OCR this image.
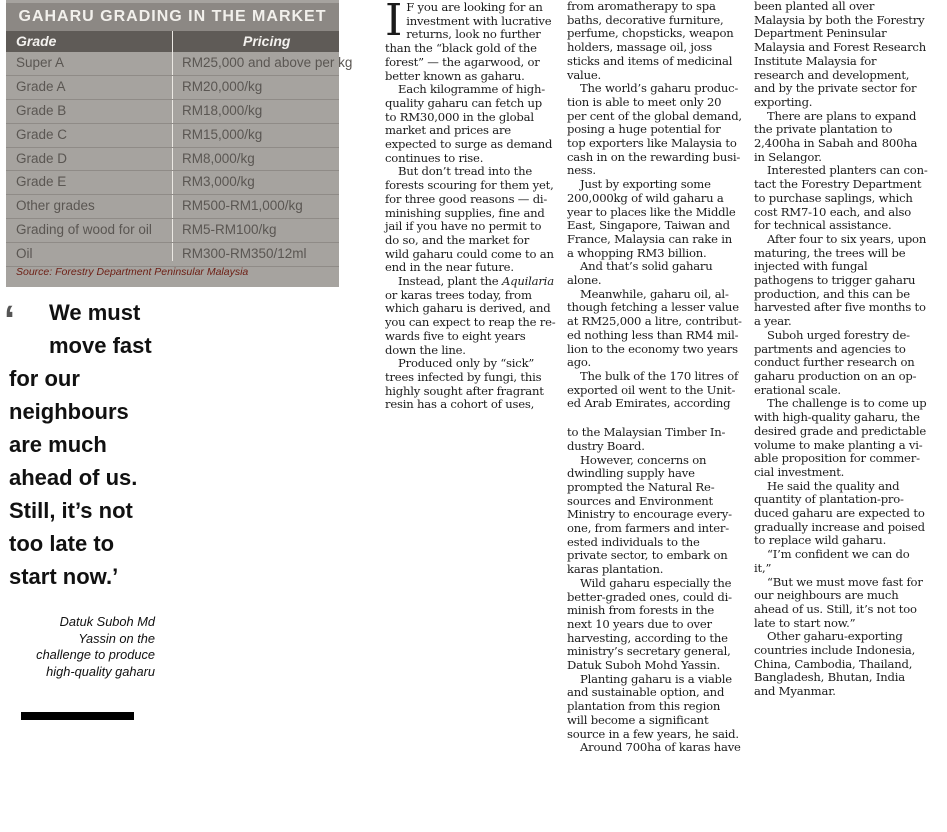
GAHARU GRADING IN THE MARKET
Grade	Pricing
Super A	RM25,000 and above per kg
Grade A	RM20,000/kg
Grade B	RM18,000/kg
Grade C	RM15,000/kg
Grade D	RM8,000/kg
Grade E	RM3,000/kg
Other grades	RM500-RM1,000/kg
Grading of wood for oil RM5-RM100/kg
Oil	RM300-RM350/12ml
Source: Forestry Department Peninsular Malaysia
‘ We must
move fast
for our
neighbours
are much
ahead of us.
Still, it’s not
too late to
start now.’
Datuk Suboh Md
Yassin on the
challenge to produce
high-quality gaharu

I F you are looking for an investment with lucrative returns, look no further than the “black gold of the forest” — the agarwood, or better known as gaharu.

Each kilogramme of high-quality gaharu can fetch up to RM30,000 in the global market and prices are expected to surge as demand continues to rise.

But don’t tread into the forests scouring for them yet, for three good reasons — diminishing supplies, fine and jail if you have no permit to do so, and the market for wild gaharu could come to an end in the near future.

Instead, plant the Aquilaria or karas trees today, from which gaharu is derived, and you can expect to reap the rewards five to eight years down the line.

Produced only by “sick” trees infected by fungi, this highly sought after fragrant resin has a cohort of uses,

from aromatherapy to spa baths, decorative furniture, perfume, chopsticks, weapon holders, massage oil, joss sticks and items of medicinal value.

The world’s gaharu production is able to meet only 20 per cent of the global demand, posing a huge potential for top exporters like Malaysia to cash in on the rewarding business.

Just by exporting some 200,000kg of wild gaharu a year to places like the Middle East, Singapore, Taiwan and France, Malaysia can rake in a whopping RM3 billion.

And that’s solid gaharu alone.

Meanwhile, gaharu oil, although fetching a lesser value at RM25,000 a litre, contributed nothing less than RM4 million to the economy two years ago.

The bulk of the 170 litres of exported oil went to the United Arab Emirates, according

to the Malaysian Timber Industry Board.

However, concerns on dwindling supply have prompted the Natural Resources and Environment Ministry to encourage everyone, from farmers and interested individuals to the private sector, to embark on karas plantation.

Wild gaharu especially the better-graded ones, could diminish from forests in the next 10 years due to over harvesting, according to the ministry’s secretary general, Datuk Suboh Mohd Yassin.

Planting gaharu is a viable and sustainable option, and plantation from this region will become a significant source in a few years, he said.

Around 700ha of karas have

been planted all over Malaysia by both the Forestry Department Peninsular Malaysia and Forest Research Institute Malaysia for research and development, and by the private sector for exporting.

There are plans to expand the private plantation to 2,400ha in Sabah and 800ha in Selangor.

Interested planters can contact the Forestry Department to purchase saplings, which cost RM7-10 each, and also for technical assistance.

After four to six years, upon maturing, the trees will be injected with fungal pathogens to trigger gaharu production, and this can be harvested after five months to a year.

Suboh urged forestry departments and agencies to conduct further research on gaharu production on an operational scale.

The challenge is to come up with high-quality gaharu, the desired grade and predictable volume to make planting a viable proposition for commercial investment.

He said the quality and quantity of plantation-produced gaharu are expected to gradually increase and poised to replace wild gaharu.

“I’m confident we can do it,”

“But we must move fast for our neighbours are much ahead of us. Still, it’s not too late to start now.”

Other gaharu-exporting countries include Indonesia, China, Cambodia, Thailand, Bangladesh, Bhutan, India and Myanmar.
